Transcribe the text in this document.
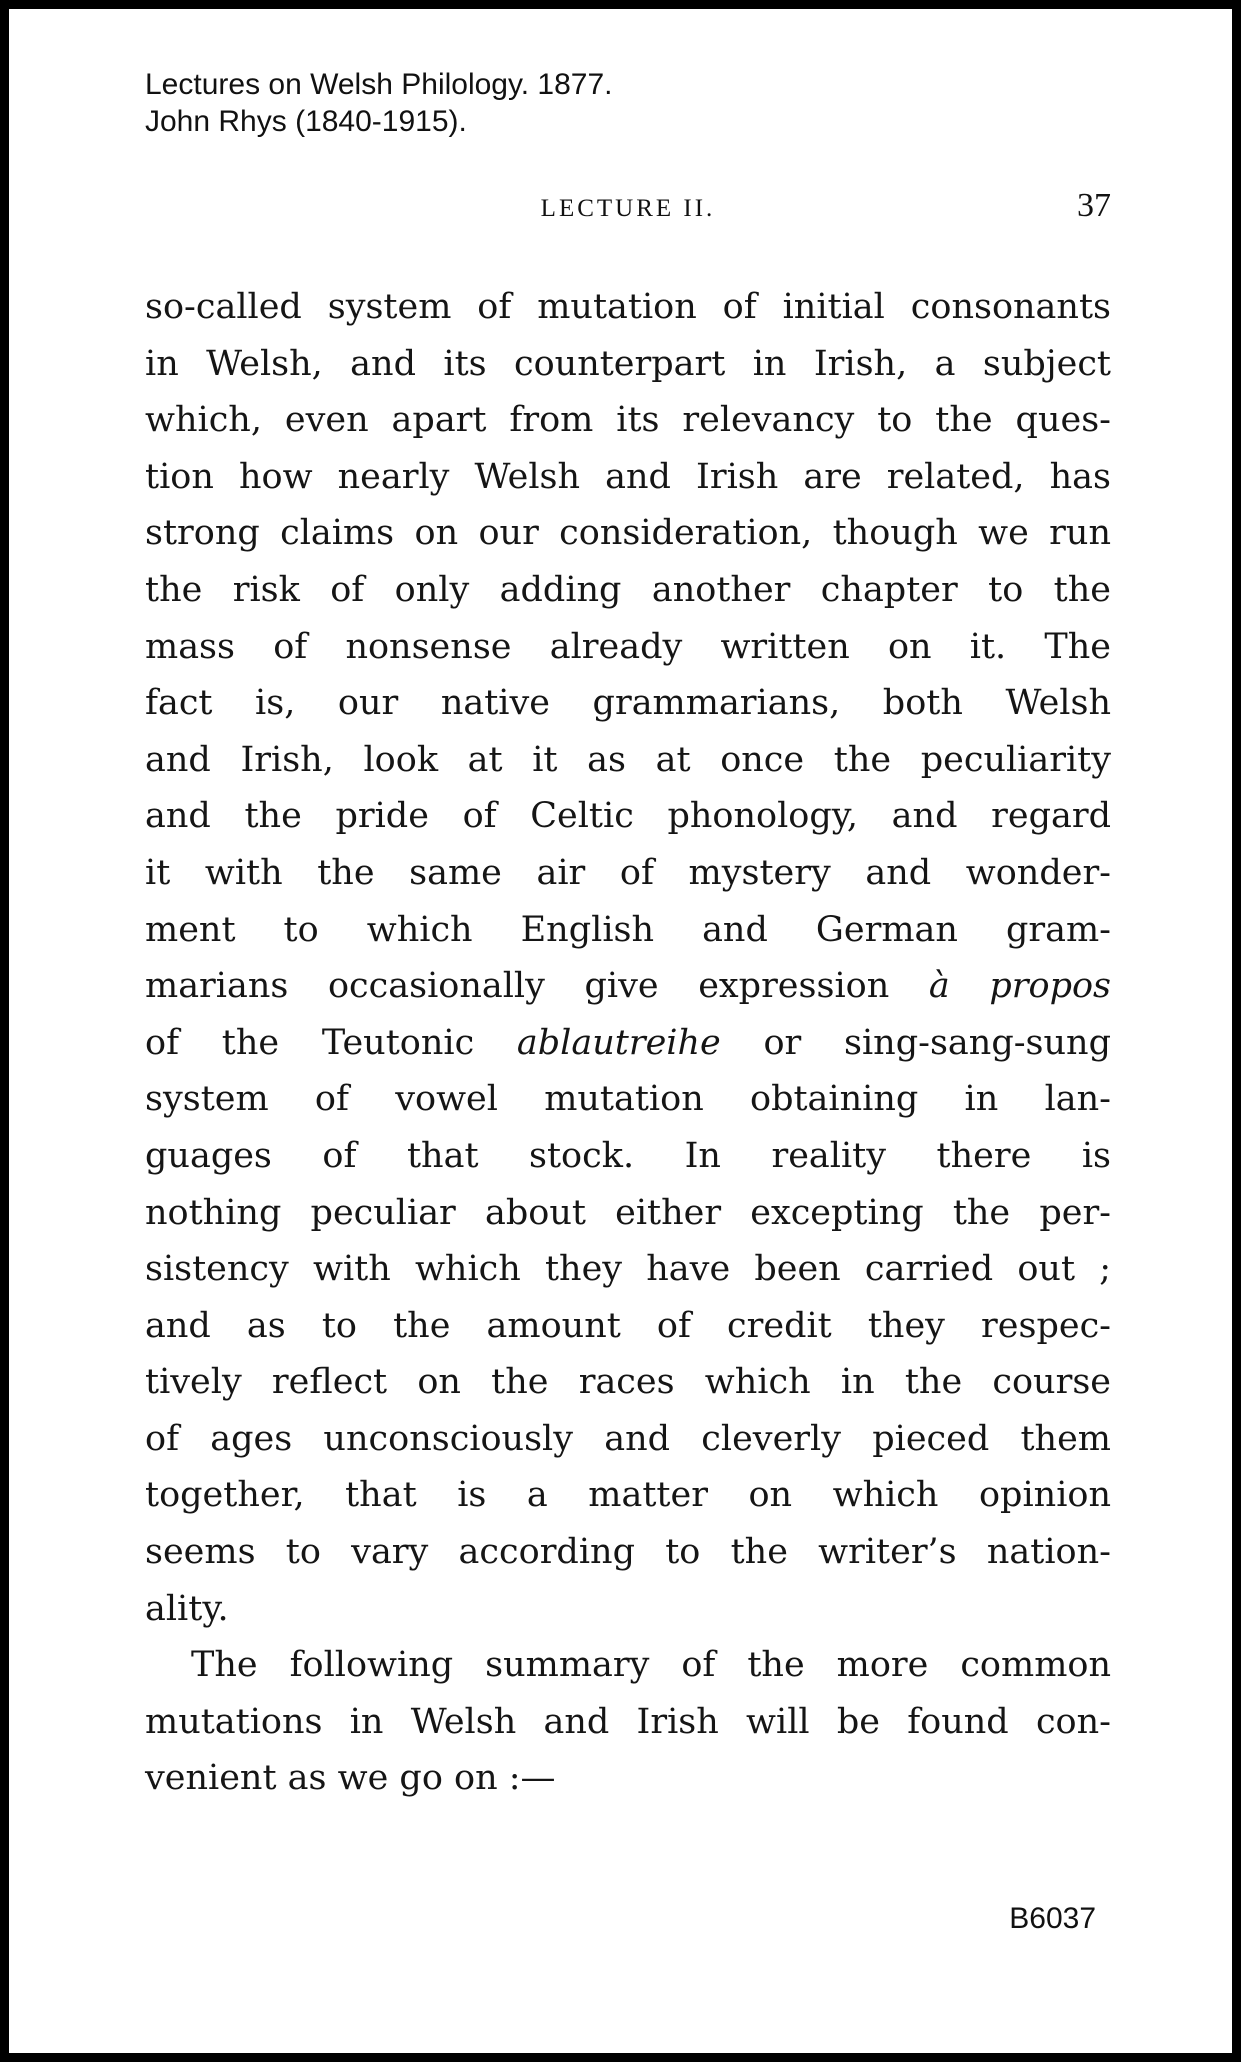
Lectures on Welsh Philology. 1877.
John Rhys (1840-1915).
LECTURE II.	37

so-called system of mutation of initial consonants
in Welsh, and its counterpart in Irish, a subject
which, even apart from its relevancy to the ques-
tion how nearly Welsh and Irish are related, has
strong claims on our consideration, though we run
the risk of only adding another chapter to the
mass of nonsense already written on it. The
fact is, our native grammarians, both Welsh
and Irish, look at it as at once the peculiarity
and the pride of Celtic phonology, and regard
it with the same air of mystery and wonder-
ment to which English and German gram-
marians occasionally give expression à propos
of the Teutonic ablautreihe or sing-sang-sung
system of vowel mutation obtaining in lan-
guages of that stock. In reality there is
nothing peculiar about either excepting the per-
sistency with which they have been carried out ;
and as to the amount of credit they respec-
tively reflect on the races which in the course
of ages unconsciously and cleverly pieced them
together, that is a matter on which opinion
seems to vary according to the writer’s nation-
ality.

The following summary of the more common
mutations in Welsh and Irish will be found con-
venient as we go on :—

B6037
